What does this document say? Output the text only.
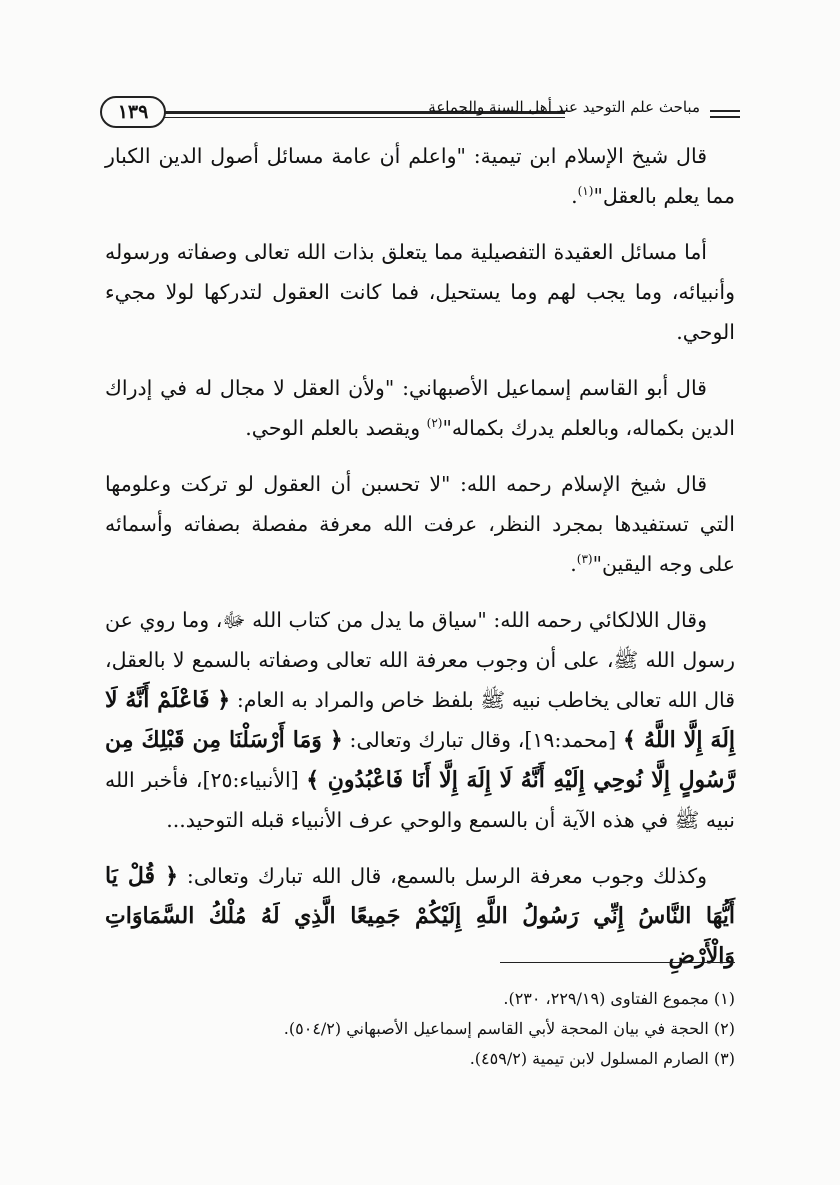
١٣٩	مباحث علم التوحيد عند أهل السنة والجماعة

قال شيخ الإسلام ابن تيمية: "واعلم أن عامة مسائل أصول الدين الكبار مما يعلم بالعقل"$^{(١)}$.

أما مسائل العقيدة التفصيلية مما يتعلق بذات الله تعالى وصفاته ورسوله وأنبيائه، وما يجب لهم وما يستحيل، فما كانت العقول لتدركها لولا مجيء الوحي.

قال أبو القاسم إسماعيل الأصبهاني: "ولأن العقل لا مجال له في إدراك الدين بكماله، وبالعلم يدرك بكماله"$^{(٢)}$ ويقصد بالعلم الوحي.

قال شيخ الإسلام رحمه الله: "لا تحسبن أن العقول لو تركت وعلومها التي تستفيدها بمجرد النظر، عرفت الله معرفة مفصلة بصفاته وأسمائه على وجه اليقين"$^{(٣)}$.

وقال اللالكائي رحمه الله: "سياق ما يدل من كتاب الله ﷻ، وما روي عن رسول الله ﷺ، على أن وجوب معرفة الله تعالى وصفاته بالسمع لا بالعقل، قال الله تعالى يخاطب نبيه ﷺ بلفظ خاص والمراد به العام: ﴿ فَاعْلَمْ أَنَّهُ لَا إِلَهَ إِلَّا اللَّهُ ﴾ [محمد:١٩]، وقال تبارك وتعالى: ﴿ وَمَا أَرْسَلْنَا مِن قَبْلِكَ مِن رَّسُولٍ إِلَّا نُوحِي إِلَيْهِ أَنَّهُ لَا إِلَهَ إِلَّا أَنَا فَاعْبُدُونِ ﴾ [الأنبياء:٢٥]، فأخبر الله نبيه ﷺ في هذه الآية أن بالسمع والوحي عرف الأنبياء قبله التوحيد...

وكذلك وجوب معرفة الرسل بالسمع، قال الله تبارك وتعالى: ﴿ قُلْ يَا أَيُّهَا النَّاسُ إِنِّي رَسُولُ اللَّهِ إِلَيْكُمْ جَمِيعًا الَّذِي لَهُ مُلْكُ السَّمَاوَاتِ وَالْأَرْضِ

(١) مجموع الفتاوى (٢٢٩/١٩، ٢٣٠).
(٢) الحجة في بيان المحجة لأبي القاسم إسماعيل الأصبهاني (٥٠٤/٢).
(٣) الصارم المسلول لابن تيمية (٤٥٩/٢).
